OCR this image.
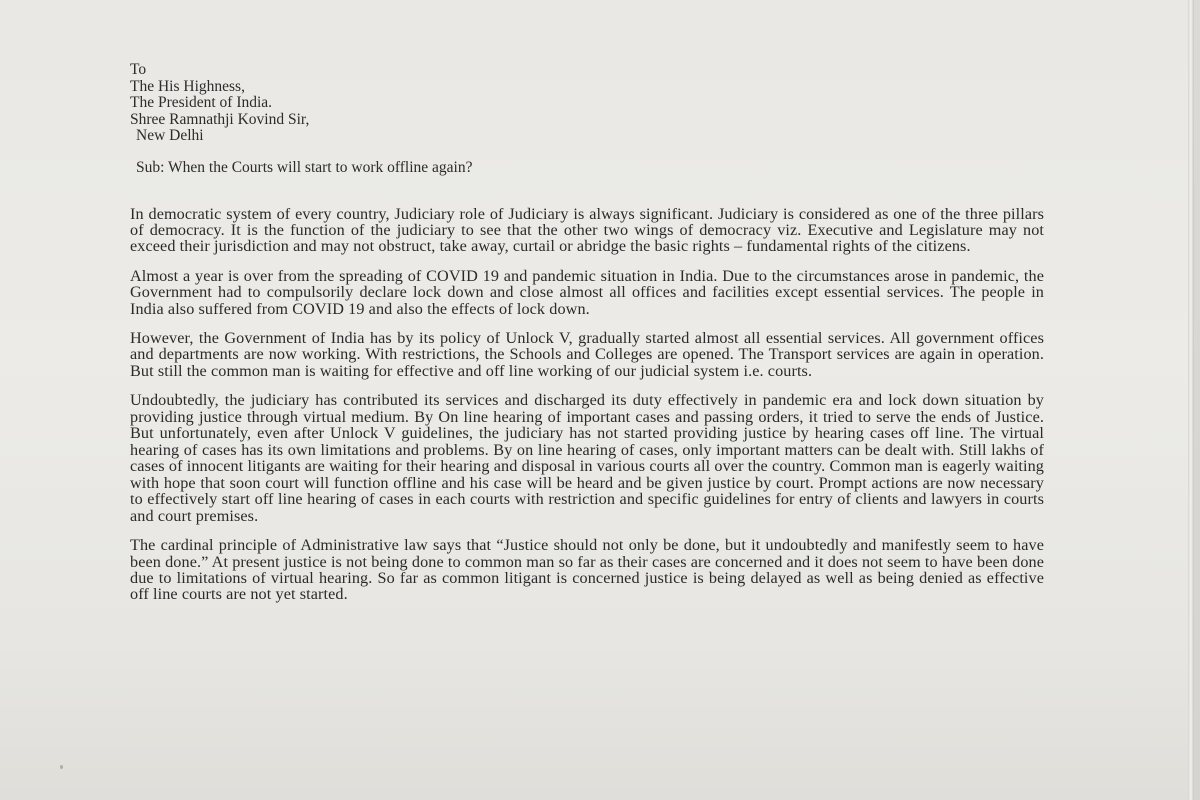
To
The His Highness,
The President of India.
Shree Ramnathji Kovind Sir,
New Delhi
Sub: When the Courts will start to work offline again?

In democratic system of every country, Judiciary role of Judiciary is always significant. Judiciary is considered as one of the three pillars of democracy. It is the function of the judiciary to see that the other two wings of democracy viz. Executive and Legislature may not exceed their jurisdiction and may not obstruct, take away, curtail or abridge the basic rights – fundamental rights of the citizens.

Almost a year is over from the spreading of COVID 19 and pandemic situation in India. Due to the circumstances arose in pandemic, the Government had to compulsorily declare lock down and close almost all offices and facilities except essential services. The people in India also suffered from COVID 19 and also the effects of lock down.

However, the Government of India has by its policy of Unlock V, gradually started almost all essential services. All government offices and departments are now working. With restrictions, the Schools and Colleges are opened. The Transport services are again in operation. But still the common man is waiting for effective and off line working of our judicial system i.e. courts.

Undoubtedly, the judiciary has contributed its services and discharged its duty effectively in pandemic era and lock down situation by providing justice through virtual medium. By On line hearing of important cases and passing orders, it tried to serve the ends of Justice. But unfortunately, even after Unlock V guidelines, the judiciary has not started providing justice by hearing cases off line. The virtual hearing of cases has its own limitations and problems. By on line hearing of cases, only important matters can be dealt with. Still lakhs of cases of innocent litigants are waiting for their hearing and disposal in various courts all over the country. Common man is eagerly waiting with hope that soon court will function offline and his case will be heard and be given justice by court. Prompt actions are now necessary to effectively start off line hearing of cases in each courts with restriction and specific guidelines for entry of clients and lawyers in courts and court premises.

The cardinal principle of Administrative law says that “Justice should not only be done, but it undoubtedly and manifestly seem to have been done.” At present justice is not being done to common man so far as their cases are concerned and it does not seem to have been done due to limitations of virtual hearing. So far as common litigant is concerned justice is being delayed as well as being denied as effective off line courts are not yet started.
